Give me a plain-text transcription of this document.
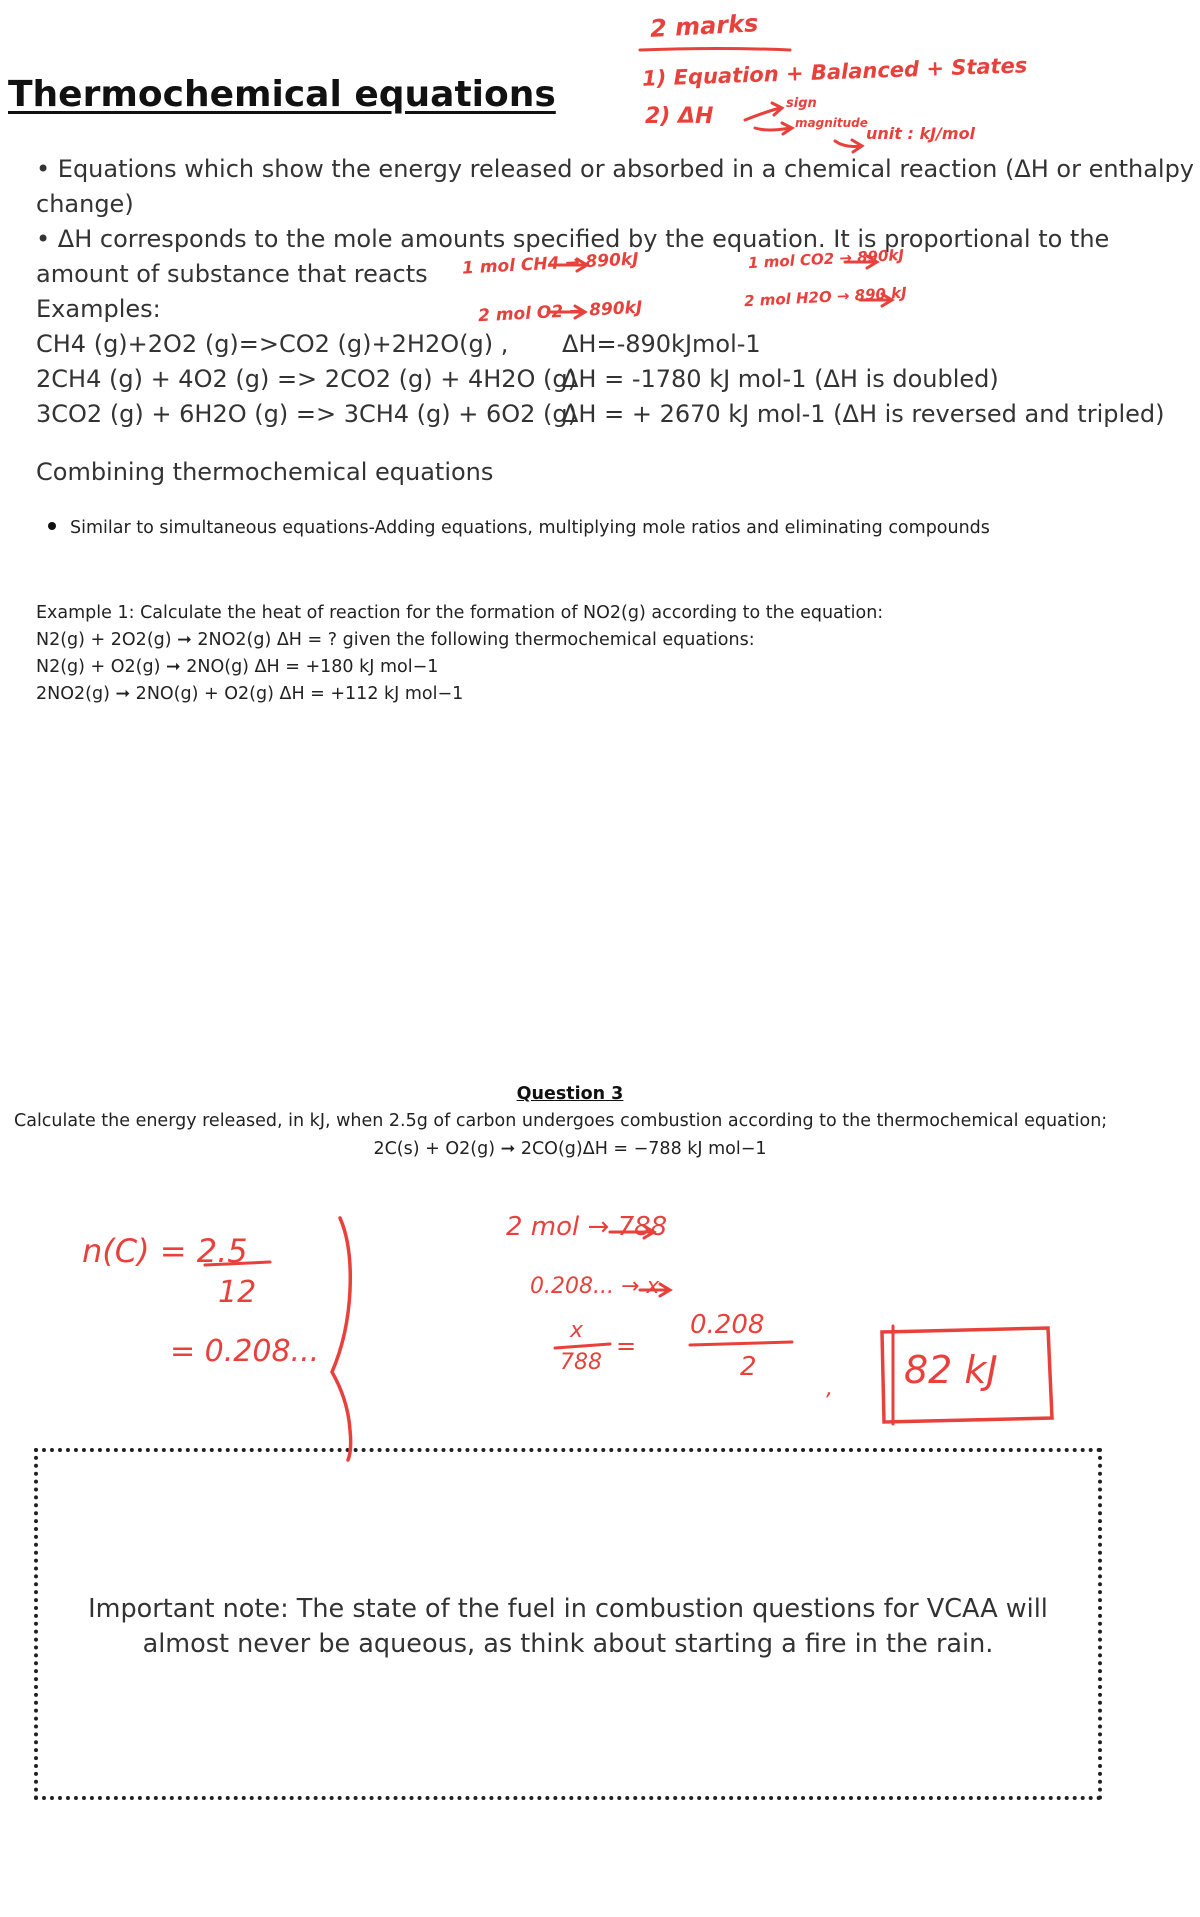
Thermochemical equations
• Equations which show the energy released or absorbed in a chemical reaction (ΔH or enthalpy
change)
• ΔH corresponds to the mole amounts specified by the equation. It is proportional to the
amount of substance that reacts
Examples:
CH4 (g)+2O2 (g)=>CO2 (g)+2H2O(g) , ΔH=-890kJmol-1
2CH4 (g) + 4O2 (g) => 2CO2 (g) + 4H2O (g)
ΔH = -1780 kJ mol-1 (ΔH is doubled)
3CO2 (g) + 6H2O (g) => 3CH4 (g) + 6O2 (g)
ΔH = + 2670 kJ mol-1 (ΔH is reversed and tripled)
Combining thermochemical equations
Similar to simultaneous equations-Adding equations, multiplying mole ratios and eliminating compounds
Example 1: Calculate the heat of reaction for the formation of NO2(g) according to the equation:
N2(g) + 2O2(g) ➞ 2NO2(g) ΔH = ? given the following thermochemical equations:
N2(g) + O2(g) ➞ 2NO(g) ΔH = +180 kJ mol−1
2NO2(g) ➞ 2NO(g) + O2(g) ΔH = +112 kJ mol−1
Question 3
Calculate the energy released, in kJ, when 2.5g of carbon undergoes combustion according to the thermochemical equation;
2C(s) + O2(g) ➞ 2CO(g)ΔH = −788 kJ mol−1
Important note: The state of the fuel in combustion questions for VCAA will almost never be aqueous, as think about starting a fire in the rain.
2 marks
1) Equation + Balanced + States
2) ΔH
sign
magnitude
unit : kJ/mol
1 mol CH4 → 890kJ
2 mol O2 → 890kJ
1 mol CO2 → 890kJ
2 mol H2O → 890 kJ
n(C) = 2.5
12
= 0.208...
2 mol → 788
0.208... → x
x
788
=
0.208
2
, 82 kJ
